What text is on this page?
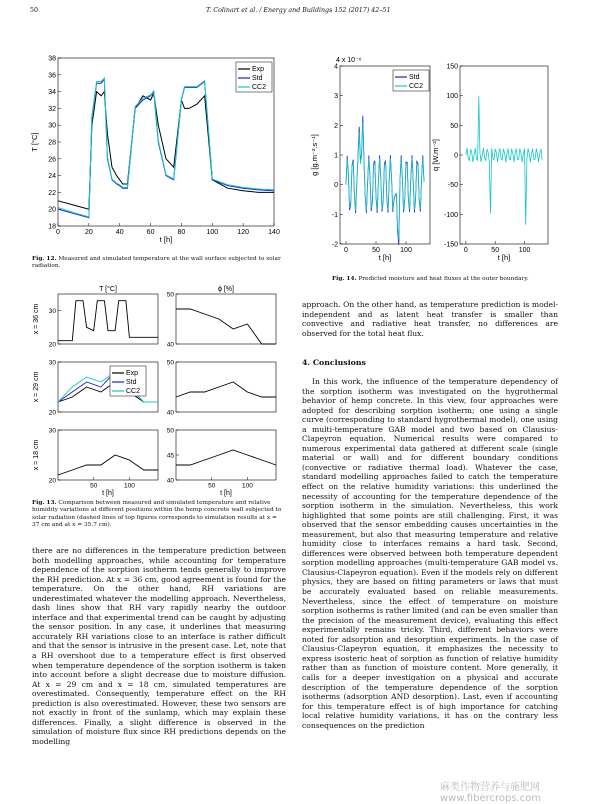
50	T. Colinart et al. / Energy and Buildings 152 (2017) 42–51
0	20	40	60	80	100	120	140
18
20
22
24
26
28
30
32
34
36
38
t [h]
T [°C]
Exp
Std
CC2
Fig. 12. Measured and simulated temperature at the wall surface subjected to solar radiation.
20
30
x = 36 cm
T [°C]
40
50
ϕ [%]
20
30
x = 29 cm	Exp
Std
CC2
40
50
50	100
20
30
t [h]
x = 18 cm
50	100
40
45
50
t [h]
Fig. 13. Comparison between measured and simulated temperature and relative humidity variations at different positions within the hemp concrete wall subjected to solar radiation (dashed lines of top figures corresponds to simulation results at x = 37 cm and at x = 35.7 cm).
0	50	100
-2
-1
0
1
2
3
4
t [h]
g [g.m⁻².s⁻¹]
4 x 10⁻⁶
Std
CC2
0	50	100
-150
-100
-50
0
50
100
150
t [h]
q [W.m⁻²]
Fig. 14. Predicted moisture and heat fluxes at the outer boundary.

there are no differences in the temperature prediction between both modelling approaches, while accounting for temperature dependence of the sorption isotherm tends generally to improve the RH prediction. At x = 36 cm, good agreement is found for the temperature. On the other hand, RH variations are underestimated whatever the modelling approach. Nevertheless, dash lines show that RH vary rapidly nearby the outdoor interface and that experimental trend can be caught by adjusting the sensor position. In any case, it underlines that measuring accurately RH variations close to an interface is rather difficult and that the sensor is intrusive in the present case. Let, note that a RH overshoot due to a temperature effect is first observed when temperature dependence of the sorption isotherm is taken into account before a slight decrease due to moisture diffusion. At x = 29 cm and x = 18 cm, simulated temperatures are overestimated. Consequently, temperature effect on the RH prediction is also overestimated. However, these two sensors are not exactly in front of the sunlamp, which may explain these differences. Finally, a slight difference is observed in the simulation of moisture flux since RH predictions depends on the modelling

approach. On the other hand, as temperature prediction is model-independent and as latent heat transfer is smaller than convective and radiative heat transfer, no differences are observed for the total heat flux.

4. Conclusions

In this work, the influence of the temperature dependency of the sorption isotherm was investigated on the hygrothermal behavior of hemp concrete. In this view, four approaches were adopted for describing sorption isotherm; one using a single curve (corresponding to standard hygrothermal model), one using a multi-temperature GAB model and two based on Clausius-Clapeyron equation. Numerical results were compared to numerous experimental data gathered at different scale (single material or wall) and for different boundary conditions (convective or radiative thermal load). Whatever the case, standard modelling approaches failed to catch the temperature effect on the relative humidity variations: this underlined the necessity of accounting for the temperature dependence of the sorption isotherm in the simulation. Nevertheless, this work highlighted that some points are still challenging. First, it was observed that the sensor embedding causes uncertainties in the measurement, but also that measuring temperature and relative humidity close to interfaces remains a hard task. Second, differences were observed between both temperature dependent sorption modelling approaches (multi-temperature GAB model vs. Clausius-Clapeyron equation). Even if the models rely on different physics, they are based on fitting parameters or laws that must be accurately evaluated based on reliable measurements. Nevertheless, since the effect of temperature on moisture sorption isotherms is rather limited (and can be even smaller than the precision of the measurement device), evaluating this effect experimentally remains tricky. Third, different behaviors were noted for adsorption and desorption experiments. In the case of Clausius-Clapeyron equation, it emphasizes the necessity to express isosteric heat of sorption as function of relative humidity rather than as function of moisture content. More generally, it calls for a deeper investigation on a physical and accurate description of the temperature dependence of the sorption isotherms (adsorption AND desorption). Last, even if accounting for this temperature effect is of high importance for catching local relative humidity variations, it has on the contrary less consequences on the prediction

麻类作物营养与施肥网 www.fibercrops.com
